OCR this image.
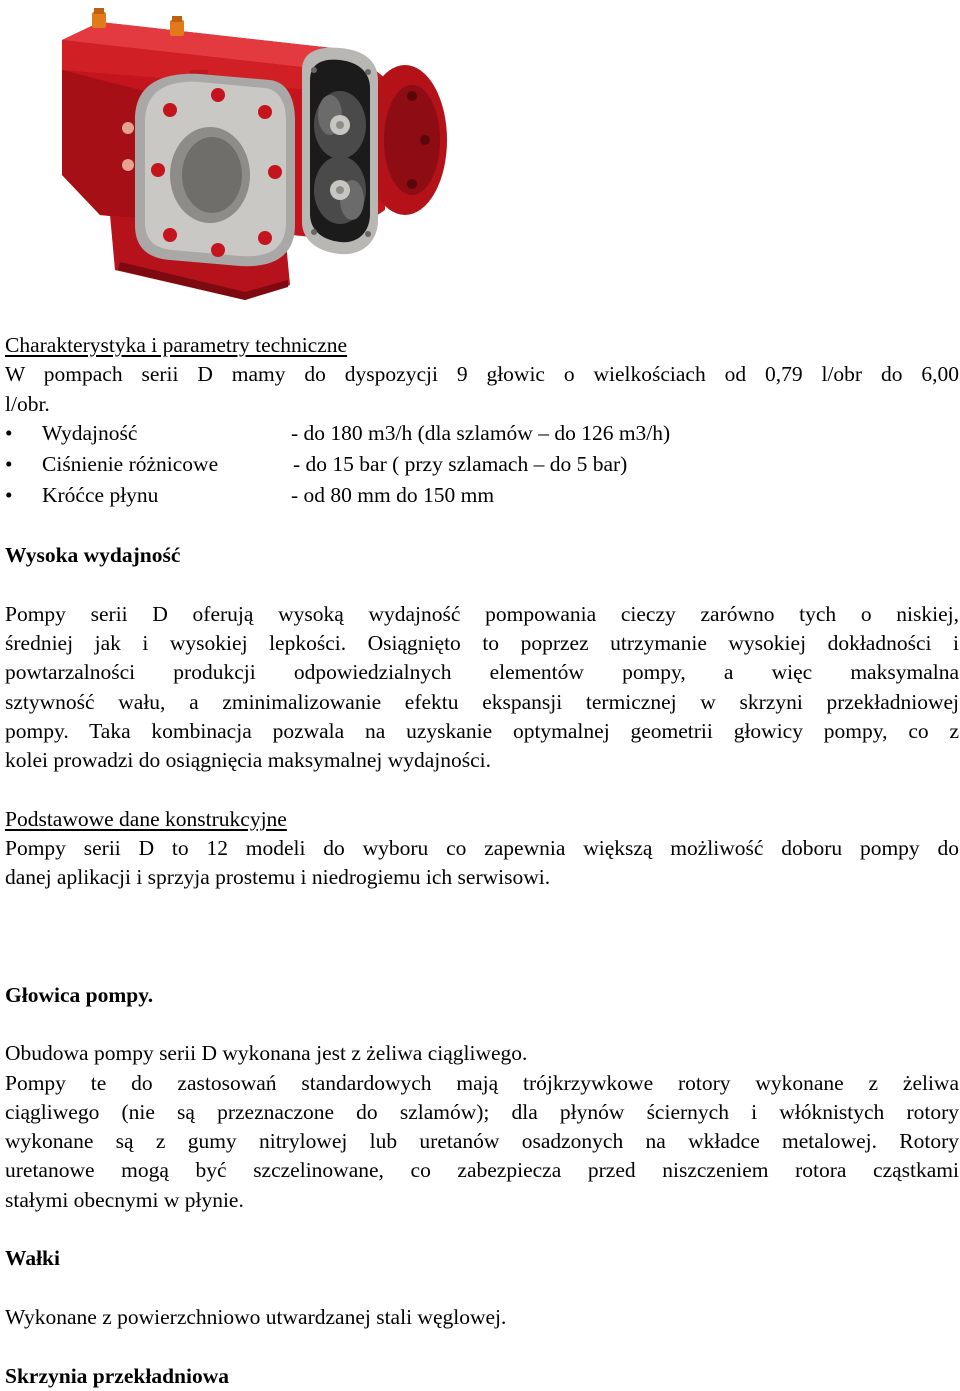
Charakterystyka i parametry techniczne
W pompach serii D mamy do dyspozycji 9 głowic o wielkościach od 0,79 l/obr do 6,00
l/obr.
• Wydajność	- do 180 m3/h (dla szlamów – do 126 m3/h)
• Ciśnienie różnicowe	- do 15 bar ( przy szlamach – do 5 bar)
• Króćce płynu	- od 80 mm do 150 mm
Wysoka wydajność
Pompy serii D oferują wysoką wydajność pompowania cieczy zarówno tych o niskiej,
średniej jak i wysokiej lepkości. Osiągnięto to poprzez utrzymanie wysokiej dokładności i
powtarzalności produkcji odpowiedzialnych elementów pompy, a więc maksymalna
sztywność wału, a zminimalizowanie efektu ekspansji termicznej w skrzyni przekładniowej
pompy. Taka kombinacja pozwala na uzyskanie optymalnej geometrii głowicy pompy, co z
kolei prowadzi do osiągnięcia maksymalnej wydajności.
Podstawowe dane konstrukcyjne
Pompy serii D to 12 modeli do wyboru co zapewnia większą możliwość doboru pompy do
danej aplikacji i sprzyja prostemu i niedrogiemu ich serwisowi.
Głowica pompy.
Obudowa pompy serii D wykonana jest z żeliwa ciągliwego.
Pompy te do zastosowań standardowych mają trójkrzywkowe rotory wykonane z żeliwa
ciągliwego (nie są przeznaczone do szlamów); dla płynów ściernych i włóknistych rotory
wykonane są z gumy nitrylowej lub uretanów osadzonych na wkładce metalowej. Rotory
uretanowe mogą być szczelinowane, co zabezpiecza przed niszczeniem rotora cząstkami
stałymi obecnymi w płynie.
Wałki
Wykonane z powierzchniowo utwardzanej stali węglowej.
Skrzynia przekładniowa
